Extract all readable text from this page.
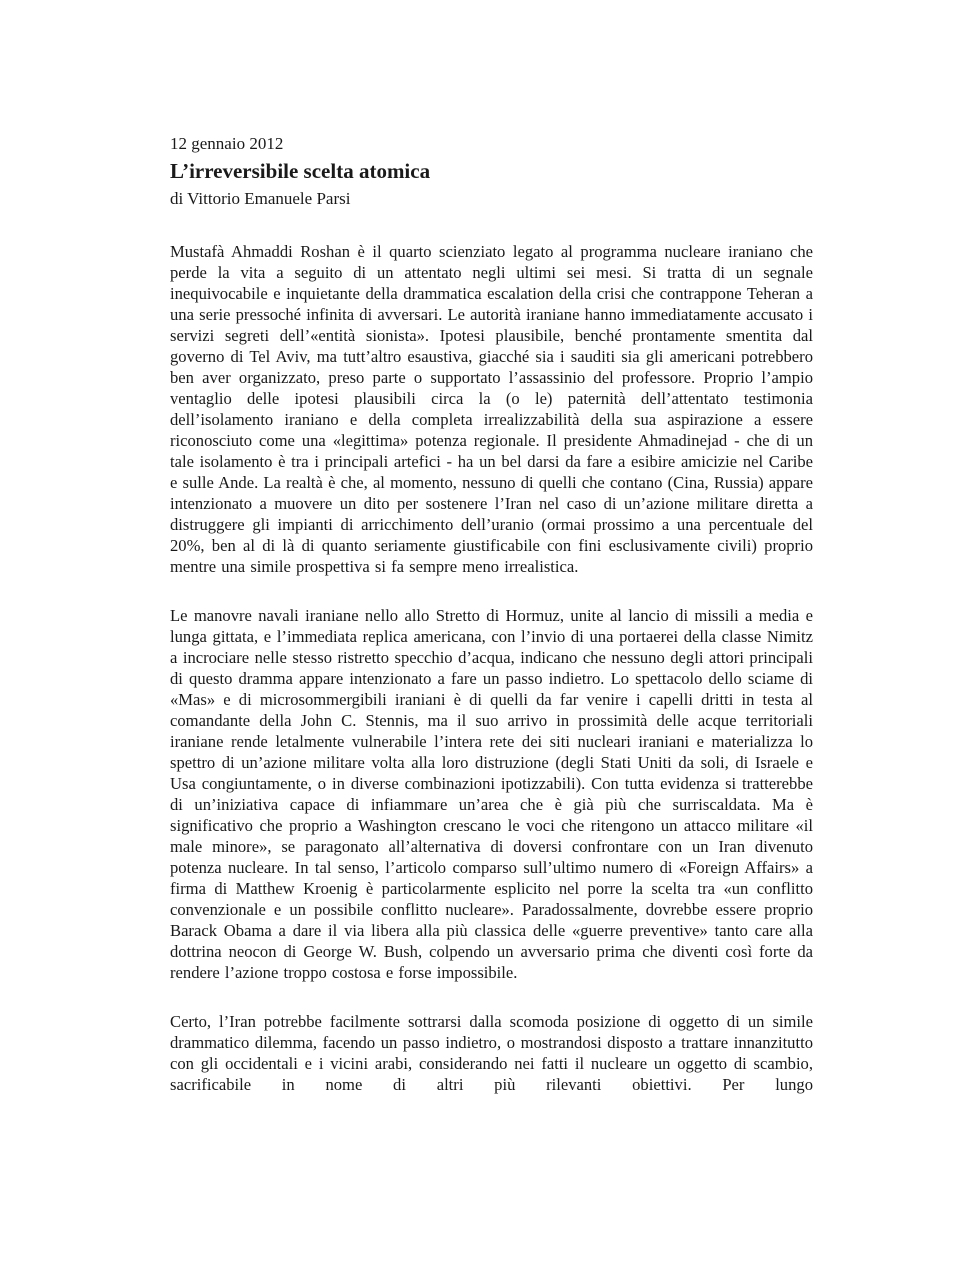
12 gennaio 2012

L’irreversibile scelta atomica

di Vittorio Emanuele Parsi

Mustafà Ahmaddi Roshan è il quarto scienziato legato al programma nucleare iraniano che perde la vita a seguito di un attentato negli ultimi sei mesi. Si tratta di un segnale inequivocabile e inquietante della drammatica escalation della crisi che contrappone Teheran a una serie pressoché infinita di avversari. Le autorità iraniane hanno immediatamente accusato i servizi segreti dell’«entità sionista». Ipotesi plausibile, benché prontamente smentita dal governo di Tel Aviv, ma tutt’altro esaustiva, giacché sia i sauditi sia gli americani potrebbero ben aver organizzato, preso parte o supportato l’assassinio del professore. Proprio l’ampio ventaglio delle ipotesi plausibili circa la (o le) paternità dell’attentato testimonia dell’isolamento iraniano e della completa irrealizzabilità della sua aspirazione a essere riconosciuto come una «legittima» potenza regionale. Il presidente Ahmadinejad - che di un tale isolamento è tra i principali artefici - ha un bel darsi da fare a esibire amicizie nel Caribe e sulle Ande. La realtà è che, al momento, nessuno di quelli che contano (Cina, Russia) appare intenzionato a muovere un dito per sostenere l’Iran nel caso di un’azione militare diretta a distruggere gli impianti di arricchimento dell’uranio (ormai prossimo a una percentuale del 20%, ben al di là di quanto seriamente giustificabile con fini esclusivamente civili) proprio mentre una simile prospettiva si fa sempre meno irrealistica.

Le manovre navali iraniane nello allo Stretto di Hormuz, unite al lancio di missili a media e lunga gittata, e l’immediata replica americana, con l’invio di una portaerei della classe Nimitz a incrociare nelle stesso ristretto specchio d’acqua, indicano che nessuno degli attori principali di questo dramma appare intenzionato a fare un passo indietro. Lo spettacolo dello sciame di «Mas» e di microsommergibili iraniani è di quelli da far venire i capelli dritti in testa al comandante della John C. Stennis, ma il suo arrivo in prossimità delle acque territoriali iraniane rende letalmente vulnerabile l’intera rete dei siti nucleari iraniani e materializza lo spettro di un’azione militare volta alla loro distruzione (degli Stati Uniti da soli, di Israele e Usa congiuntamente, o in diverse combinazioni ipotizzabili). Con tutta evidenza si tratterebbe di un’iniziativa capace di infiammare un’area che è già più che surriscaldata. Ma è significativo che proprio a Washington crescano le voci che ritengono un attacco militare «il male minore», se paragonato all’alternativa di doversi confrontare con un Iran divenuto potenza nucleare. In tal senso, l’articolo comparso sull’ultimo numero di «Foreign Affairs» a firma di Matthew Kroenig è particolarmente esplicito nel porre la scelta tra «un conflitto convenzionale e un possibile conflitto nucleare». Paradossalmente, dovrebbe essere proprio Barack Obama a dare il via libera alla più classica delle «guerre preventive» tanto care alla dottrina neocon di George W. Bush, colpendo un avversario prima che diventi così forte da rendere l’azione troppo costosa e forse impossibile.

Certo, l’Iran potrebbe facilmente sottrarsi dalla scomoda posizione di oggetto di un simile drammatico dilemma, facendo un passo indietro, o mostrandosi disposto a trattare innanzitutto con gli occidentali e i vicini arabi, considerando nei fatti il nucleare un oggetto di scambio, sacrificabile in nome di altri più rilevanti obiettivi. Per lungo
